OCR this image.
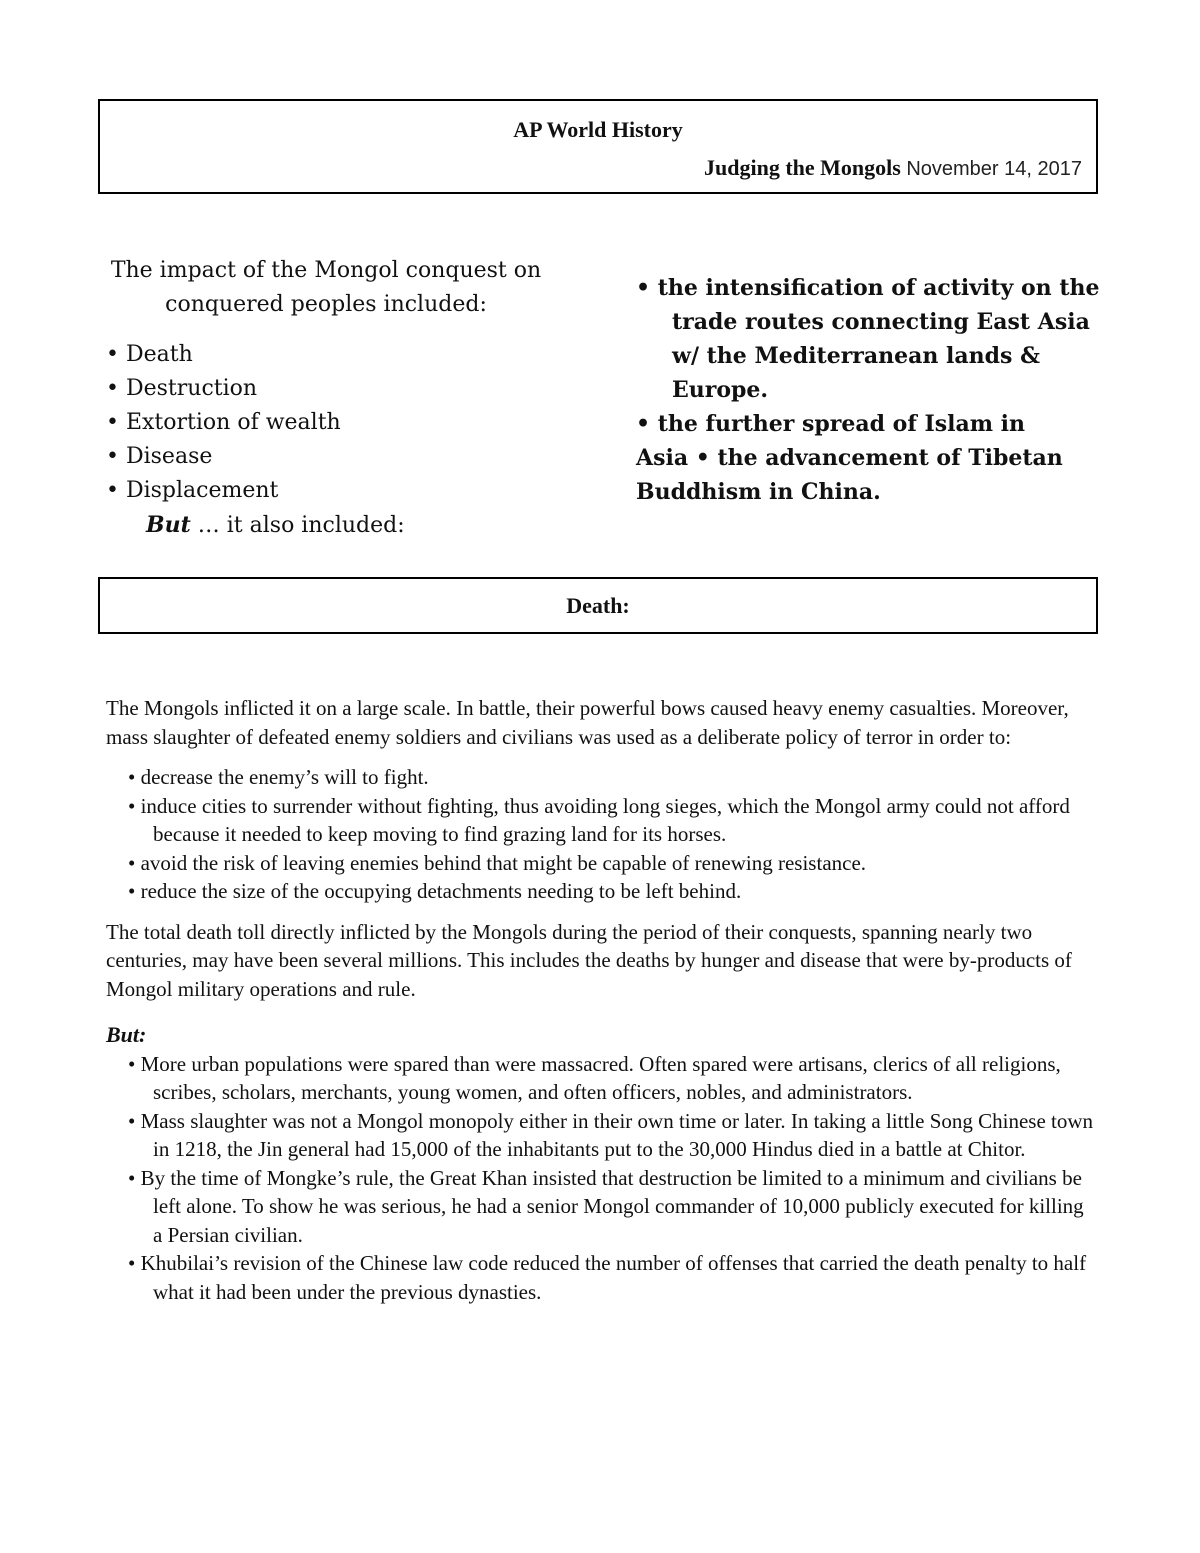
AP World History
Judging the Mongols November 14, 2017
The impact of the Mongol conquest on
conquered peoples included:
• Death
• Destruction
• Extortion of wealth
• Disease
• Displacement
But … it also included:
• the intensification of activity on the trade routes connecting East Asia w/ the Mediterranean lands & Europe.
• the further spread of Islam in Asia • the advancement of Tibetan Buddhism in China.
Death:

The Mongols inflicted it on a large scale. In battle, their powerful bows caused heavy enemy casualties. Moreover, mass slaughter of defeated enemy soldiers and civilians was used as a deliberate policy of terror in order to:

• decrease the enemy’s will to fight.
• induce cities to surrender without fighting, thus avoiding long sieges, which the Mongol army could not afford because it needed to keep moving to find grazing land for its horses.
• avoid the risk of leaving enemies behind that might be capable of renewing resistance.
• reduce the size of the occupying detachments needing to be left behind.

The total death toll directly inflicted by the Mongols during the period of their conquests, spanning nearly two centuries, may have been several millions. This includes the deaths by hunger and disease that were by-products of Mongol military operations and rule.

But:

• More urban populations were spared than were massacred. Often spared were artisans, clerics of all religions, scribes, scholars, merchants, young women, and often officers, nobles, and administrators.
• Mass slaughter was not a Mongol monopoly either in their own time or later. In taking a little Song Chinese town in 1218, the Jin general had 15,000 of the inhabitants put to the 30,000 Hindus died in a battle at Chitor.
• By the time of Mongke’s rule, the Great Khan insisted that destruction be limited to a minimum and civilians be left alone. To show he was serious, he had a senior Mongol commander of 10,000 publicly executed for killing a Persian civilian.
• Khubilai’s revision of the Chinese law code reduced the number of offenses that carried the death penalty to half what it had been under the previous dynasties.
